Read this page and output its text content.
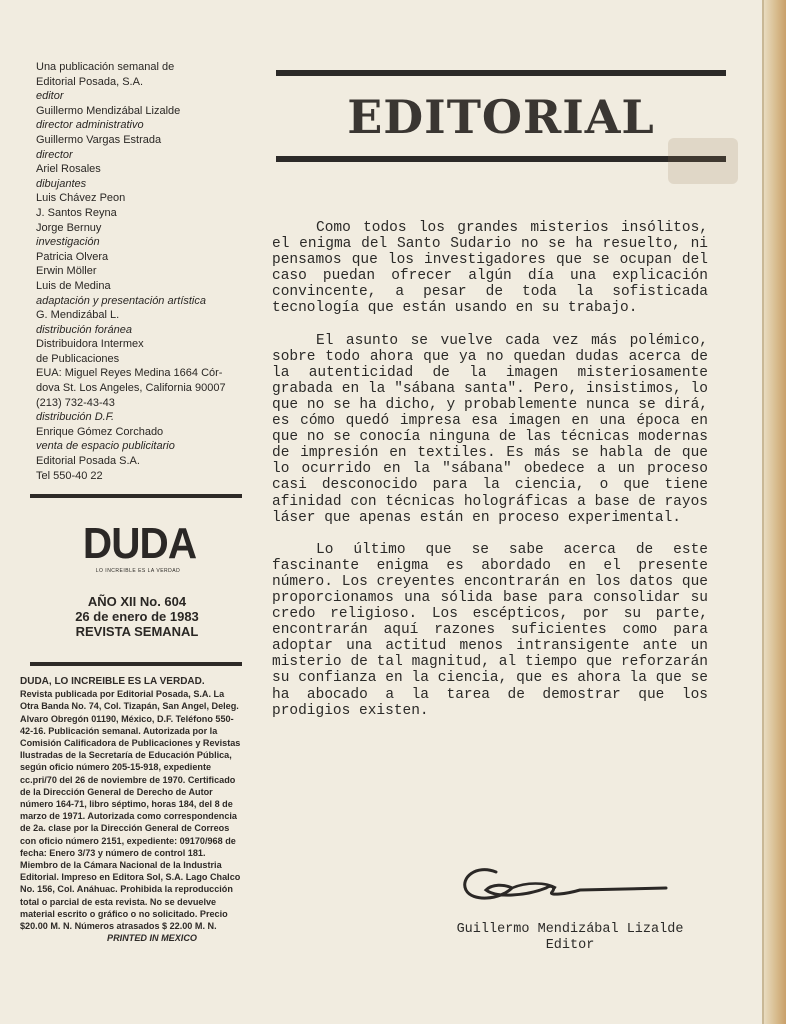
Una publicación semanal de
Editorial Posada, S.A.
editor
Guillermo Mendizábal Lizalde
director administrativo
Guillermo Vargas Estrada
director
Ariel Rosales
dibujantes
Luis Chávez Peon
J. Santos Reyna
Jorge Bernuy
investigación
Patricia Olvera
Erwin Möller
Luis de Medina
adaptación y presentación artística
G. Mendizábal L.
distribución foránea
Distribuidora Intermex
de Publicaciones
EUA: Miguel Reyes Medina 1664 Cór-
dova St. Los Angeles, California 90007
(213) 732-43-43
distribución D.F.
Enrique Gómez Corchado
venta de espacio publicitario
Editorial Posada S.A.
Tel 550-40 22
DUDA
LO INCREIBLE ES LA VERDAD
AÑO XII No. 604
26 de enero de 1983
REVISTA SEMANAL
DUDA, LO INCREIBLE ES LA VERDAD.
Revista publicada por Editorial Posada, S.A. La Otra Banda No. 74, Col. Tizapán, San Angel, Deleg. Alvaro Obregón 01190, México, D.F. Teléfono 550-42-16. Publicación semanal. Autorizada por la Comisión Calificadora de Publicaciones y Revistas Ilustradas de la Secretaría de Educación Pública, según oficio número 205-15-918, expediente cc.pri/70 del 26 de noviembre de 1970. Certificado de la Dirección General de Derecho de Autor número 164-71, libro séptimo, horas 184, del 8 de marzo de 1971. Autorizada como correspondencia de 2a. clase por la Dirección General de Correos con oficio número 2151, expediente: 09170/968 de fecha: Enero 3/73 y número de control 181. Miembro de la Cámara Nacional de la Industria Editorial. Impreso en Editora Sol, S.A. Lago Chalco No. 156, Col. Anáhuac. Prohibida la reproducción total o parcial de esta revista. No se devuelve material escrito o gráfico o no solicitado. Precio $20.00 M. N. Números atrasados $ 22.00 M. N.
PRINTED IN MEXICO
EDITORIAL

Como todos los grandes misterios insólitos, el enigma del Santo Sudario no se ha resuelto, ni pensamos que los investigadores que se ocupan del caso puedan ofrecer algún día una explicación convincente, a pesar de toda la sofisticada tecnología que están usando en su trabajo.

El asunto se vuelve cada vez más polémico, sobre todo ahora que ya no quedan dudas acerca de la autenticidad de la imagen misteriosamente grabada en la "sábana santa". Pero, insistimos, lo que no se ha dicho, y probablemente nunca se dirá, es cómo quedó impresa esa imagen en una época en que no se conocía ninguna de las técnicas modernas de impresión en textiles. Es más se habla de que lo ocurrido en la "sábana" obedece a un proceso casi desconocido para la ciencia, o que tiene afinidad con técnicas holográficas a base de rayos láser que apenas están en proceso experimental.

Lo último que se sabe acerca de este fascinante enigma es abordado en el presente número. Los creyentes encontrarán en los datos que proporcionamos una sólida base para consolidar su credo religioso. Los escépticos, por su parte, encontrarán aquí razones suficientes como para adoptar una actitud menos intransigente ante un misterio de tal magnitud, al tiempo que reforzarán su confianza en la ciencia, que es ahora la que se ha abocado a la tarea de demostrar que los prodigios existen.

Guillermo Mendizábal Lizalde
Editor
